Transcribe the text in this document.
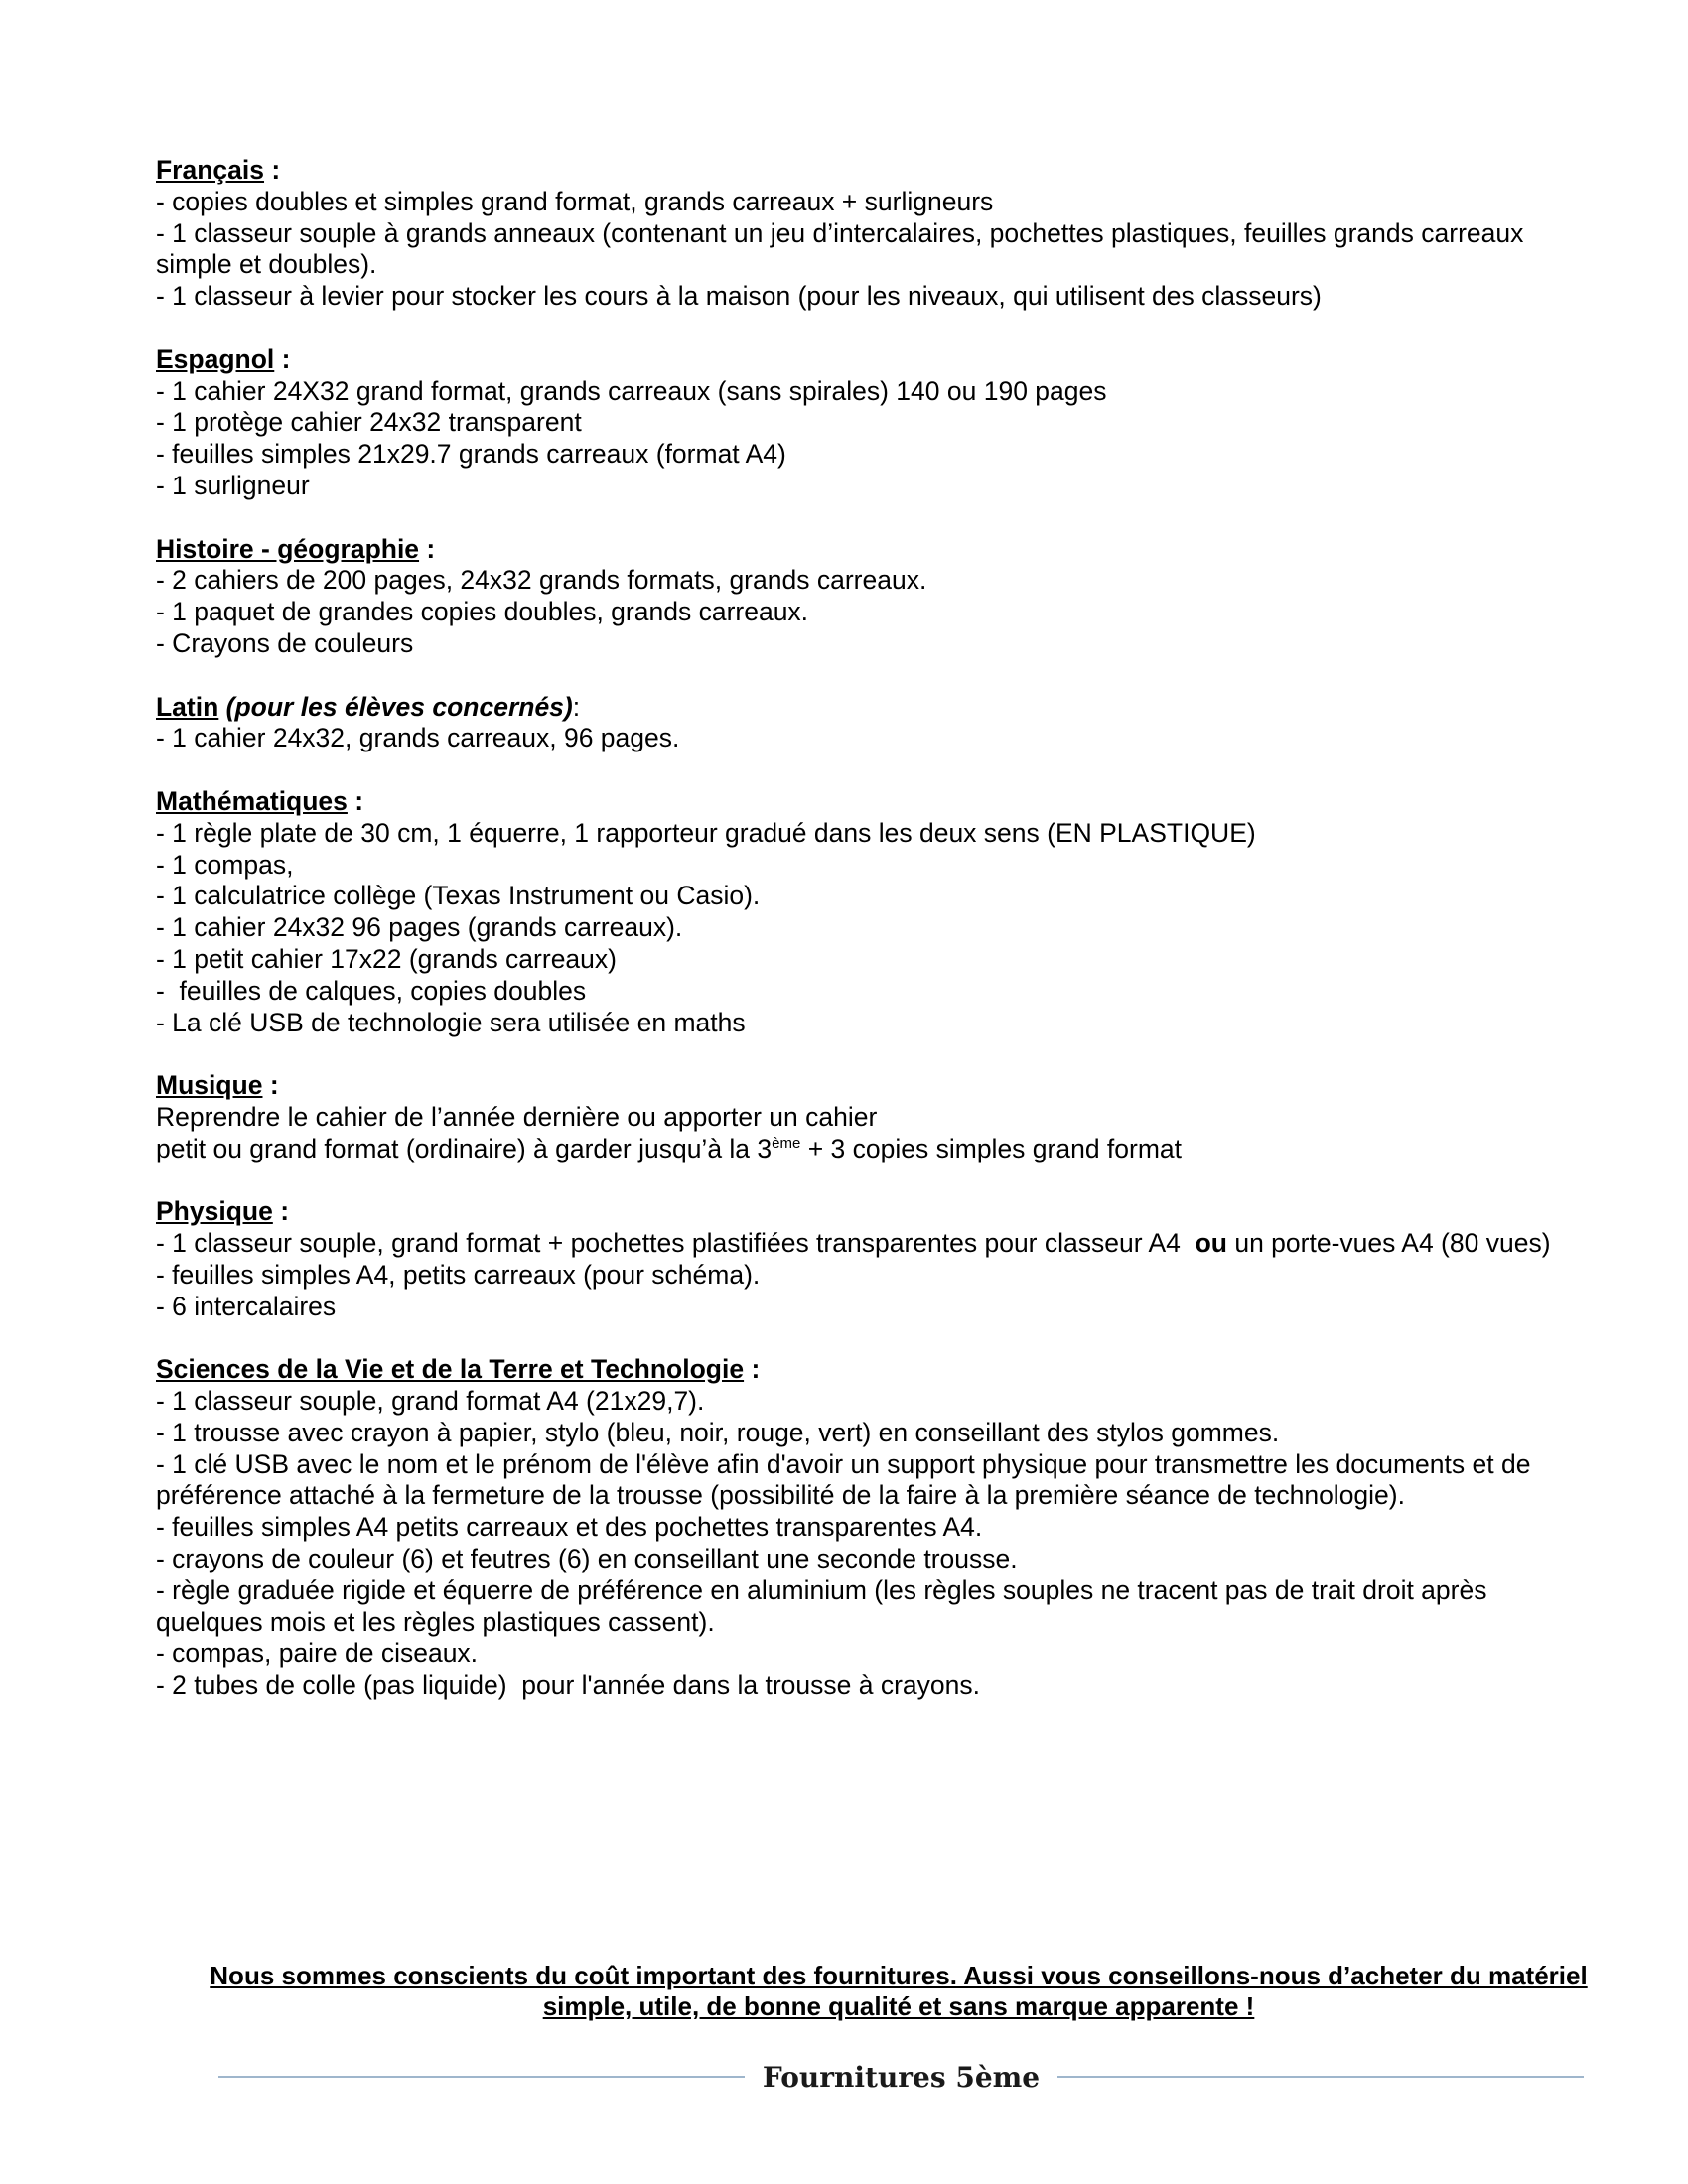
Français :
- copies doubles et simples grand format, grands carreaux + surligneurs
- 1 classeur souple à grands anneaux (contenant un jeu d’intercalaires, pochettes plastiques, feuilles grands carreaux
simple et doubles).
- 1 classeur à levier pour stocker les cours à la maison (pour les niveaux, qui utilisent des classeurs)
Espagnol :
- 1 cahier 24X32 grand format, grands carreaux (sans spirales) 140 ou 190 pages
- 1 protège cahier 24x32 transparent
- feuilles simples 21x29.7 grands carreaux (format A4)
- 1 surligneur
Histoire - géographie :
- 2 cahiers de 200 pages, 24x32 grands formats, grands carreaux.
- 1 paquet de grandes copies doubles, grands carreaux.
- Crayons de couleurs
Latin (pour les élèves concernés):
- 1 cahier 24x32, grands carreaux, 96 pages.
Mathématiques :
- 1 règle plate de 30 cm, 1 équerre, 1 rapporteur gradué dans les deux sens (EN PLASTIQUE)
- 1 compas,
- 1 calculatrice collège (Texas Instrument ou Casio).
- 1 cahier 24x32 96 pages (grands carreaux).
- 1 petit cahier 17x22 (grands carreaux)
-  feuilles de calques, copies doubles
- La clé USB de technologie sera utilisée en maths
Musique :
Reprendre le cahier de l’année dernière ou apporter un cahier
petit ou grand format (ordinaire) à garder jusqu’à la 3ème + 3 copies simples grand format
Physique :
- 1 classeur souple, grand format + pochettes plastifiées transparentes pour classeur A4  ou un porte-vues A4 (80 vues)
- feuilles simples A4, petits carreaux (pour schéma).
- 6 intercalaires
Sciences de la Vie et de la Terre et Technologie :
- 1 classeur souple, grand format A4 (21x29,7).
- 1 trousse avec crayon à papier, stylo (bleu, noir, rouge, vert) en conseillant des stylos gommes.
- 1 clé USB avec le nom et le prénom de l'élève afin d'avoir un support physique pour transmettre les documents et de
préférence attaché à la fermeture de la trousse (possibilité de la faire à la première séance de technologie).
- feuilles simples A4 petits carreaux et des pochettes transparentes A4.
- crayons de couleur (6) et feutres (6) en conseillant une seconde trousse.
- règle graduée rigide et équerre de préférence en aluminium (les règles souples ne tracent pas de trait droit après
quelques mois et les règles plastiques cassent).
- compas, paire de ciseaux.
- 2 tubes de colle (pas liquide)  pour l'année dans la trousse à crayons.
Nous sommes conscients du coût important des fournitures. Aussi vous conseillons-nous d’acheter du matériel
simple, utile, de bonne qualité et sans marque apparente !
Fournitures 5ème
